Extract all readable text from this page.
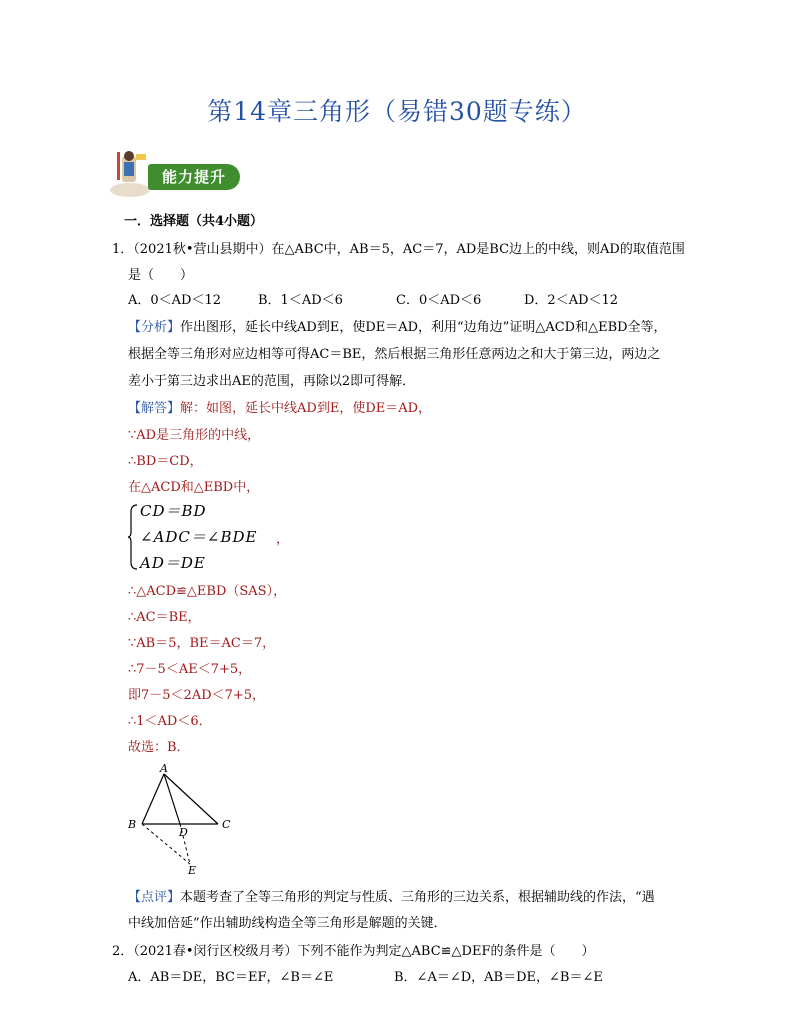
第14章三角形（易错30题专练）
能力提升
一．选择题（共4小题）
1．（2021秋•营山县期中）在△ABC中，AB＝5，AC＝7，AD是BC边上的中线，则AD的取值范围
是（　　）
A．0＜AD＜12	B．1＜AD＜6	C．0＜AD＜6	D．2＜AD＜12
【分析】作出图形，延长中线AD到E，使DE＝AD，利用“边角边”证明△ACD和△EBD全等，
根据全等三角形对应边相等可得AC＝BE，然后根据三角形任意两边之和大于第三边，两边之
差小于第三边求出AE的范围，再除以2即可得解．
【解答】解：如图，延长中线AD到E，使DE＝AD，
∵AD是三角形的中线，
∴BD＝CD，
在△ACD和△EBD中，
CD＝BD
∠ADC＝∠BDE
AD＝DE
，
∴△ACD≌△EBD（SAS），
∴AC＝BE，
∵AB＝5，BE＝AC＝7，
∴7－5＜AE＜7+5，
即7－5＜2AD＜7+5，
∴1＜AD＜6．
故选：B．
A
B	C
D
E
【点评】本题考查了全等三角形的判定与性质、三角形的三边关系，根据辅助线的作法，“遇
中线加倍延”作出辅助线构造全等三角形是解题的关键．
2．（2021春•闵行区校级月考）下列不能作为判定△ABC≌△DEF的条件是（　　）
A．AB＝DE，BC＝EF，∠B＝∠E	B．∠A＝∠D，AB＝DE，∠B＝∠E
